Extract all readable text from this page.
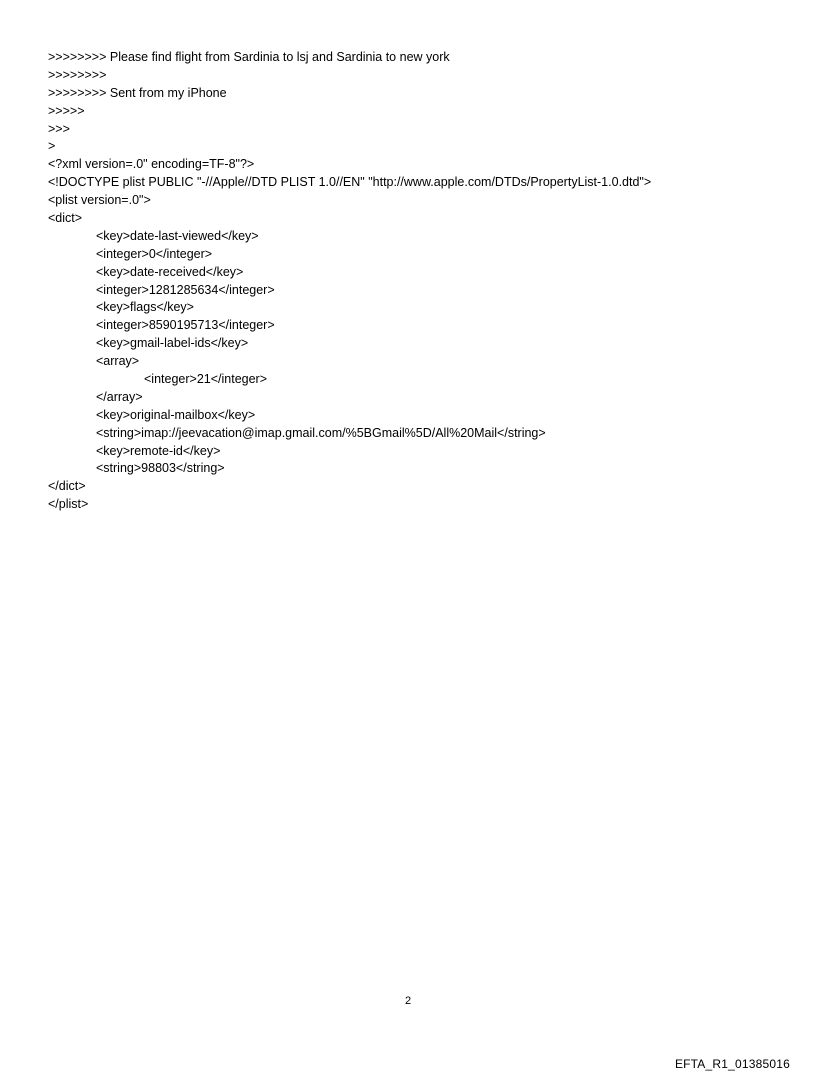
>>>>>>>> Please find flight from Sardinia to lsj and Sardinia to new york
>>>>>>>>
>>>>>>>> Sent from my iPhone
>>>>>
>>>
>
<?xml version=.0" encoding=TF-8"?>
<!DOCTYPE plist PUBLIC "-//Apple//DTD PLIST 1.0//EN" "http://www.apple.com/DTDs/PropertyList-1.0.dtd">
<plist version=.0">
<dict>
<key>date-last-viewed</key>
<integer>0</integer>
<key>date-received</key>
<integer>1281285634</integer>
<key>flags</key>
<integer>8590195713</integer>
<key>gmail-label-ids</key>
<array>
<integer>21</integer>
</array>
<key>original-mailbox</key>
<string>imap://jeevacation@imap.gmail.com/%5BGmail%5D/All%20Mail</string>
<key>remote-id</key>
<string>98803</string>
</dict>
</plist>
2
EFTA_R1_01385016
